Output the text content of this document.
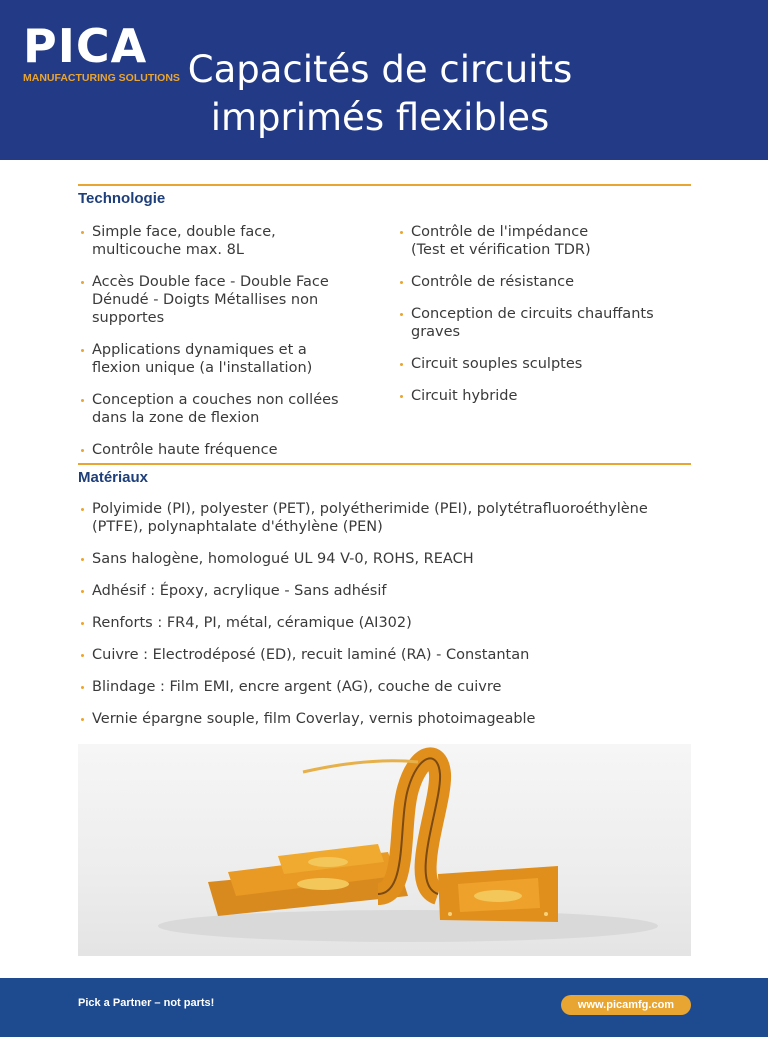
PICA
MANUFACTURING SOLUTIONS Capacités de circuits
imprimés flexibles
Technologie
Simple face, double face,
multicouche max. 8L
Accès Double face - Double Face
Dénudé - Doigts Métallises non
supportes
Applications dynamiques et a
flexion unique (a l'installation)
Conception a couches non collées
dans la zone de flexion
Contrôle haute fréquence
Contrôle de l'impédance
(Test et vérification TDR)
Contrôle de résistance
Conception de circuits chauffants
graves
Circuit souples sculptes
Circuit hybride
Matériaux
Polyimide (PI), polyester (PET), polyétherimide (PEI), polytétrafluoroéthylène
(PTFE), polynaphtalate d'éthylène (PEN)
Sans halogène, homologué UL 94 V-0, ROHS, REACH
Adhésif : Époxy, acrylique - Sans adhésif
Renforts : FR4, PI, métal, céramique (AI302)
Cuivre : Electrodéposé (ED), recuit laminé (RA) - Constantan
Blindage : Film EMI, encre argent (AG), couche de cuivre
Vernie épargne souple, film Coverlay, vernis photoimageable
Pick a Partner – not parts!	www.picamfg.com
